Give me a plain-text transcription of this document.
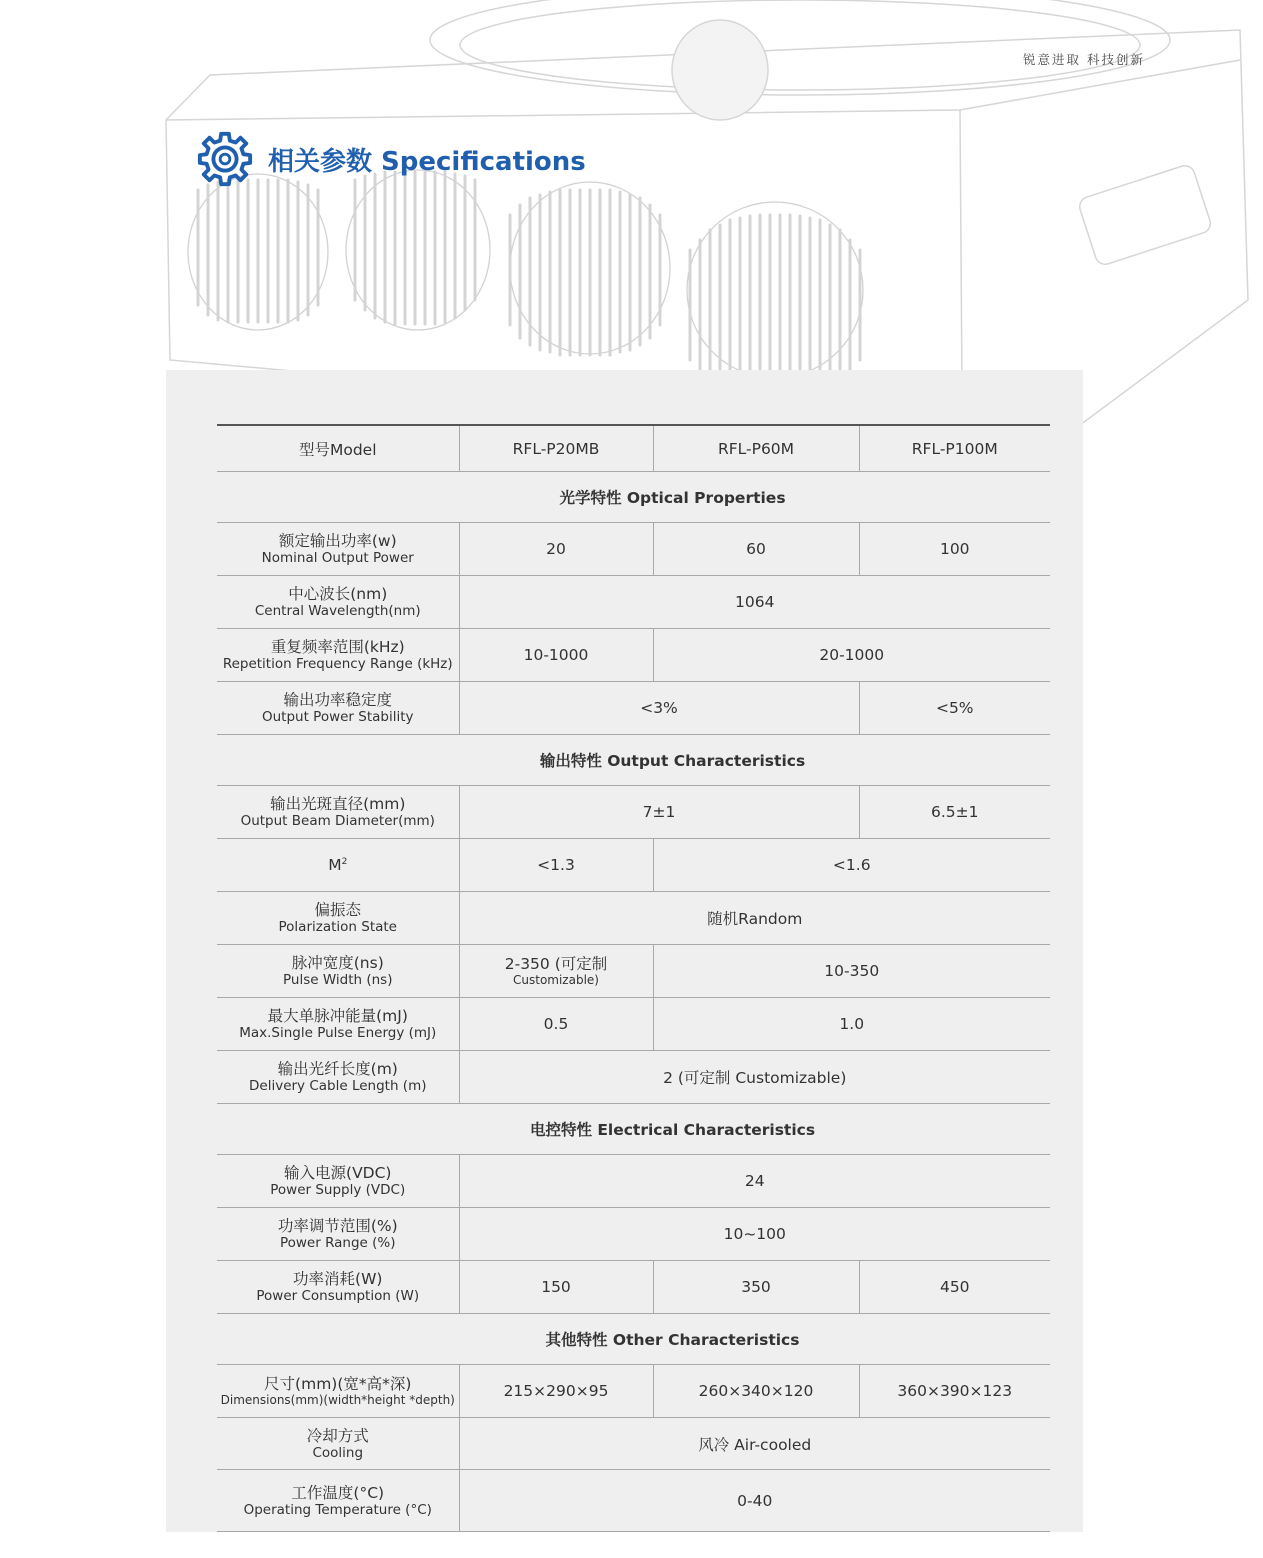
锐意进取 科技创新
相关参数 Specifications
型号Model	RFL-P20MB	RFL-P60M	RFL-P100M
光学特性 Optical Properties			

额定输出功率(w)
Nominal Output Power	20	60	100

中心波长(nm)
Central Wavelength(nm)	1064		

重复频率范围(kHz)
Repetition Frequency Range (kHz)	10-1000	20-1000	

输出功率稳定度
Output Power Stability	<3%		<5%
输出特性 Output Characteristics			

输出光斑直径(mm)
Output Beam Diameter(mm)	7±1		6.5±1
$M^2$	<1.3	<1.6	

偏振态
Polarization State	随机Random		

脉冲宽度(ns)
Pulse Width (ns)	2-350 (可定制
Customizable)	10-350	

最大单脉冲能量(mJ)
Max.Single Pulse Energy (mJ)	0.5	1.0	

输出光纤长度(m)
Delivery Cable Length (m)	2 (可定制 Customizable)		
电控特性 Electrical Characteristics			

输入电源(VDC)
Power Supply (VDC)	24		

功率调节范围(%)
Power Range (%)	10~100		

功率消耗(W)
Power Consumption (W)	150	350	450
其他特性 Other Characteristics			

尺寸(mm)(宽*高*深)
Dimensions(mm)(width*height *depth)	215×290×95	260×340×120	360×390×123

冷却方式
Cooling	风冷 Air-cooled		

工作温度(°C)
Operating Temperature (°C)	0-40		
